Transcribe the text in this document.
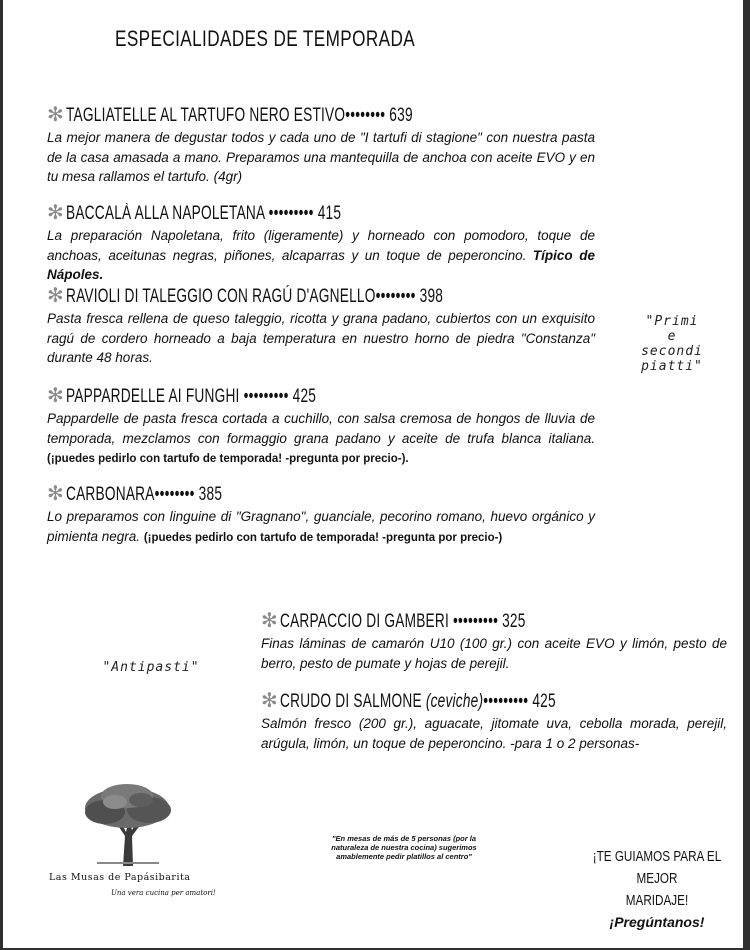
ESPECIALIDADES DE TEMPORADA
✻ TAGLIATELLE AL TARTUFO NERO ESTIVO•••••••• 639
La mejor manera de degustar todos y cada uno de "I tartufi di stagione" con nuestra pasta de la casa amasada a mano. Preparamos una mantequilla de anchoa con aceite EVO y en tu mesa rallamos el tartufo. (4gr)
✻ BACCALÀ ALLA NAPOLETANA ••••••••• 415
La preparación Napoletana, frito (ligeramente) y horneado con pomodoro, toque de anchoas, aceitunas negras, piñones, alcaparras y un toque de peperoncino. Típico de Nápoles.
✻ RAVIOLI DI TALEGGIO CON RAGÚ D'AGNELLO•••••••• 398
Pasta fresca rellena de queso taleggio, ricotta y grana padano, cubiertos con un exquisito ragú de cordero horneado a baja temperatura en nuestro horno de piedra "Constanza" durante 48 horas.
✻ PAPPARDELLE AI FUNGHI ••••••••• 425
Pappardelle de pasta fresca cortada a cuchillo, con salsa cremosa de hongos de lluvia de temporada, mezclamos con formaggio grana padano y aceite de trufa blanca italiana. (¡puedes pedirlo con tartufo de temporada! -pregunta por precio-).
✻ CARBONARA•••••••• 385
Lo preparamos con linguine di "Gragnano", guanciale, pecorino romano, huevo orgánico y pimienta negra. (¡puedes pedirlo con tartufo de temporada! -pregunta por precio-)
"Primi
e
secondi
piatti"
✻ CARPACCIO DI GAMBERI ••••••••• 325
Finas láminas de camarón U10 (100 gr.) con aceite EVO y limón, pesto de berro, pesto de pumate y hojas de perejil.
"Antipasti"
✻ CRUDO DI SALMONE (ceviche)••••••••• 425
Salmón fresco (200 gr.), aguacate, jitomate uva, cebolla morada, perejil, arúgula, limón, un toque de peperoncino. -para 1 o 2 personas-
Las Musas de Papásibarita
Una vera cucina per amatori!
"En mesas de más de 5 personas (por la naturaleza de nuestra cocina) sugerimos amablemente pedir platillos al centro"	¡TE GUIAMOS PARA EL MEJOR
MARIDAJE!
¡Pregúntanos!
